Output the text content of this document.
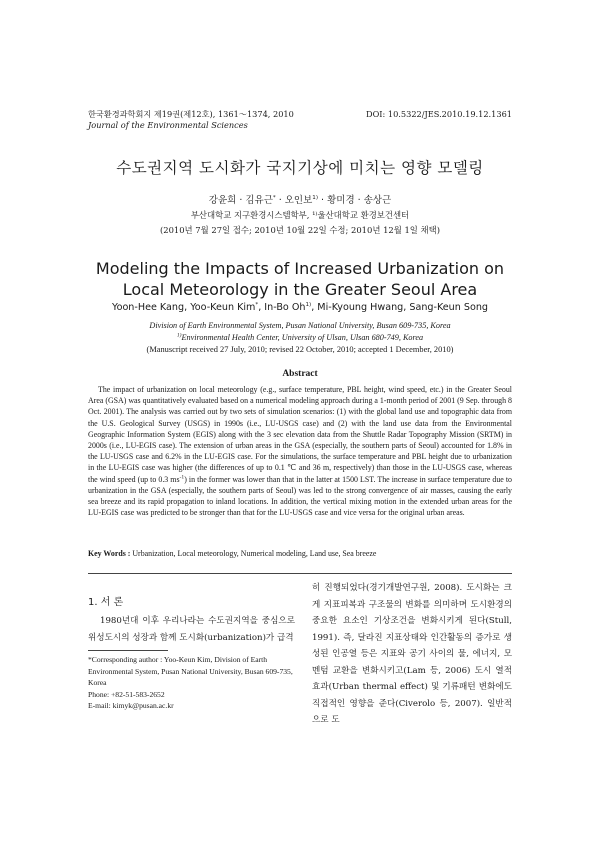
한국환경과학회지 제19권(제12호), 1361～1374, 2010
Journal of the Environmental Sciences
DOI: 10.5322/JES.2010.19.12.1361
수도권지역 도시화가 국지기상에 미치는 영향 모델링
강윤희 · 김유근* · 오인보$^{1)}$ · 황미경 · 송상근
부산대학교 지구환경시스템학부, ¹⁾울산대학교 환경보건센터
(2010년 7월 27일 접수; 2010년 10월 22일 수정; 2010년 12월 1일 채택)
Modeling the Impacts of Increased Urbanization on Local Meteorology in the Greater Seoul Area
Yoon-Hee Kang, Yoo-Keun Kim*, In-Bo Oh$^{1)}$, Mi-Kyoung Hwang, Sang-Keun Song
Division of Earth Environmental System, Pusan National University, Busan 609-735, Korea
$^{1)}$Environmental Health Center, University of Ulsan, Ulsan 680-749, Korea
(Manuscript received 27 July, 2010; revised 22 October, 2010; accepted 1 December, 2010)
Abstract
The impact of urbanization on local meteorology (e.g., surface temperature, PBL height, wind speed, etc.) in the Greater Seoul Area (GSA) was quantitatively evaluated based on a numerical modeling approach during a 1-month period of 2001 (9 Sep. through 8 Oct. 2001). The analysis was carried out by two sets of simulation scenarios: (1) with the global land use and topographic data from the U.S. Geological Survey (USGS) in 1990s (i.e., LU-USGS case) and (2) with the land use data from the Environmental Geographic Information System (EGIS) along with the 3 sec elevation data from the Shuttle Radar Topography Mission (SRTM) in 2000s (i.e., LU-EGIS case). The extension of urban areas in the GSA (especially, the southern parts of Seoul) accounted for 1.8% in the LU-USGS case and 6.2% in the LU-EGIS case. For the simulations, the surface temperature and PBL height due to urbanization in the LU-EGIS case was higher (the differences of up to 0.1 ℃ and 36 m, respectively) than those in the LU-USGS case, whereas the wind speed (up to 0.3 $ms^{-1}$) in the former was lower than that in the latter at 1500 LST. The increase in surface temperature due to urbanization in the GSA (especially, the southern parts of Seoul) was led to the strong convergence of air masses, causing the early sea breeze and its rapid propagation to inland locations. In addition, the vertical mixing motion in the extended urban areas for the LU-EGIS case was predicted to be stronger than that for the LU-USGS case and vice versa for the original urban areas.
Key Words : Urbanization, Local meteorology, Numerical modeling, Land use, Sea breeze
1. 서 론
1980년대 이후 우리나라는 수도권지역을 중심으로 위성도시의 성장과 함께 도시화(urbanization)가 급격
*Corresponding author : Yoo-Keun Kim, Division of Earth Environmental System, Pusan National University, Busan 609-735, Korea
Phone: +82-51-583-2652
E-mail: kimyk@pusan.ac.kr
히 진행되었다(경기개발연구원, 2008). 도시화는 크게 지표피복과 구조물의 변화를 의미하며 도시환경의 중요한 요소인 기상조건을 변화시키게 된다(Stull, 1991). 즉, 달라진 지표상태와 인간활동의 증가로 생성된 인공열 등은 지표와 공기 사이의 물, 에너지, 모멘텀 교환을 변화시키고(Lam 등, 2006) 도시 열적 효과(Urban thermal effect) 및 기류패턴 변화에도 직접적인 영향을 준다(Civerolo 등, 2007). 일반적으로 도
